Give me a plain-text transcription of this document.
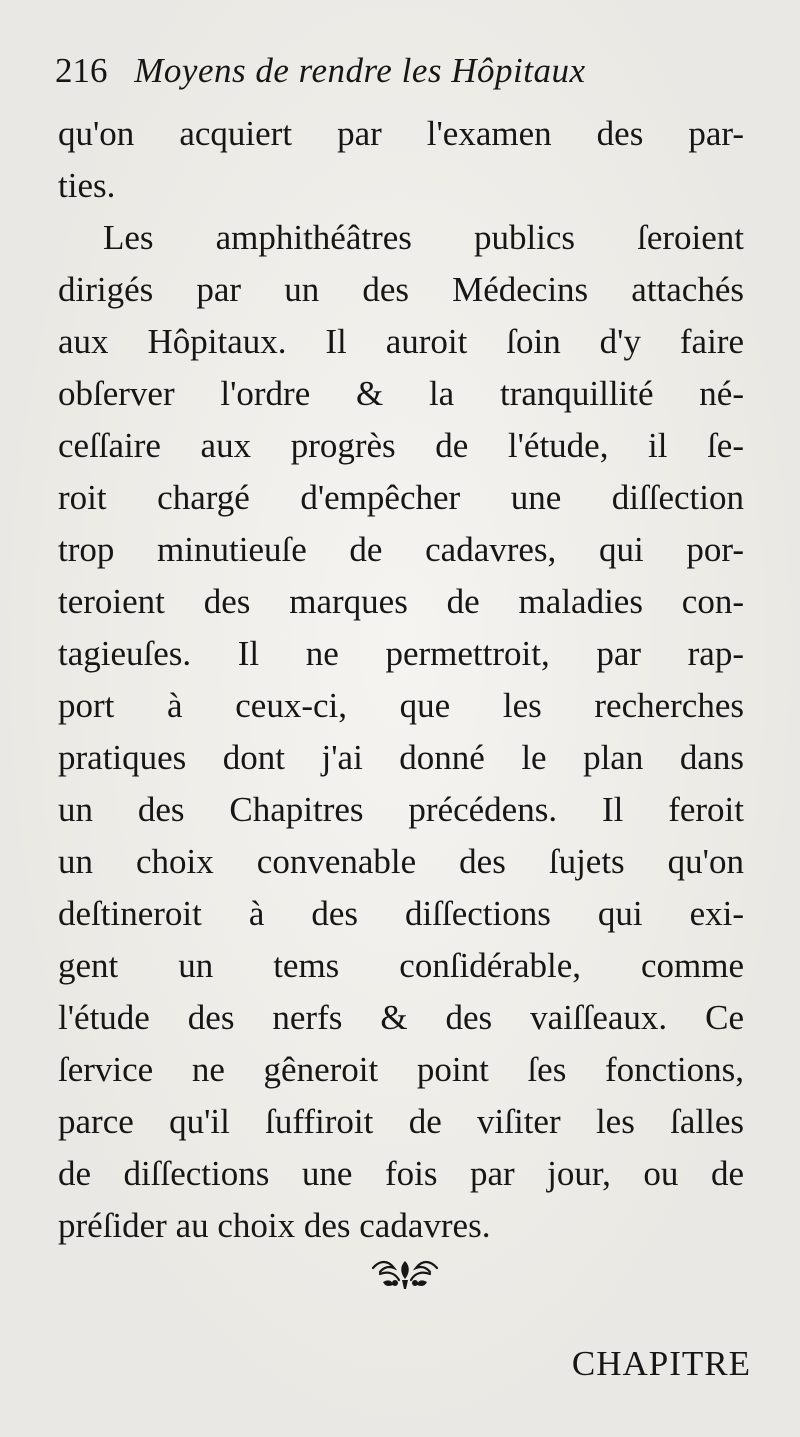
216 Moyens de rendre les Hôpitaux
qu'on acquiert par l'examen des par-
ties.
Les amphithéâtres publics ſeroient
dirigés par un des Médecins attachés
aux Hôpitaux. Il auroit ſoin d'y faire
obſerver l'ordre & la tranquillité né-
ceſſaire aux progrès de l'étude, il ſe-
roit chargé d'empêcher une diſſection
trop minutieuſe de cadavres, qui por-
teroient des marques de maladies con-
tagieuſes. Il ne permettroit, par rap-
port à ceux-ci, que les recherches
pratiques dont j'ai donné le plan dans
un des Chapitres précédens. Il feroit
un choix convenable des ſujets qu'on
deſtineroit à des diſſections qui exi-
gent un tems conſidérable, comme
l'étude des nerfs & des vaiſſeaux. Ce
ſervice ne gêneroit point ſes fonctions,
parce qu'il ſuffiroit de viſiter les ſalles
de diſſections une fois par jour, ou de
préſider au choix des cadavres.
CHAPITRE
